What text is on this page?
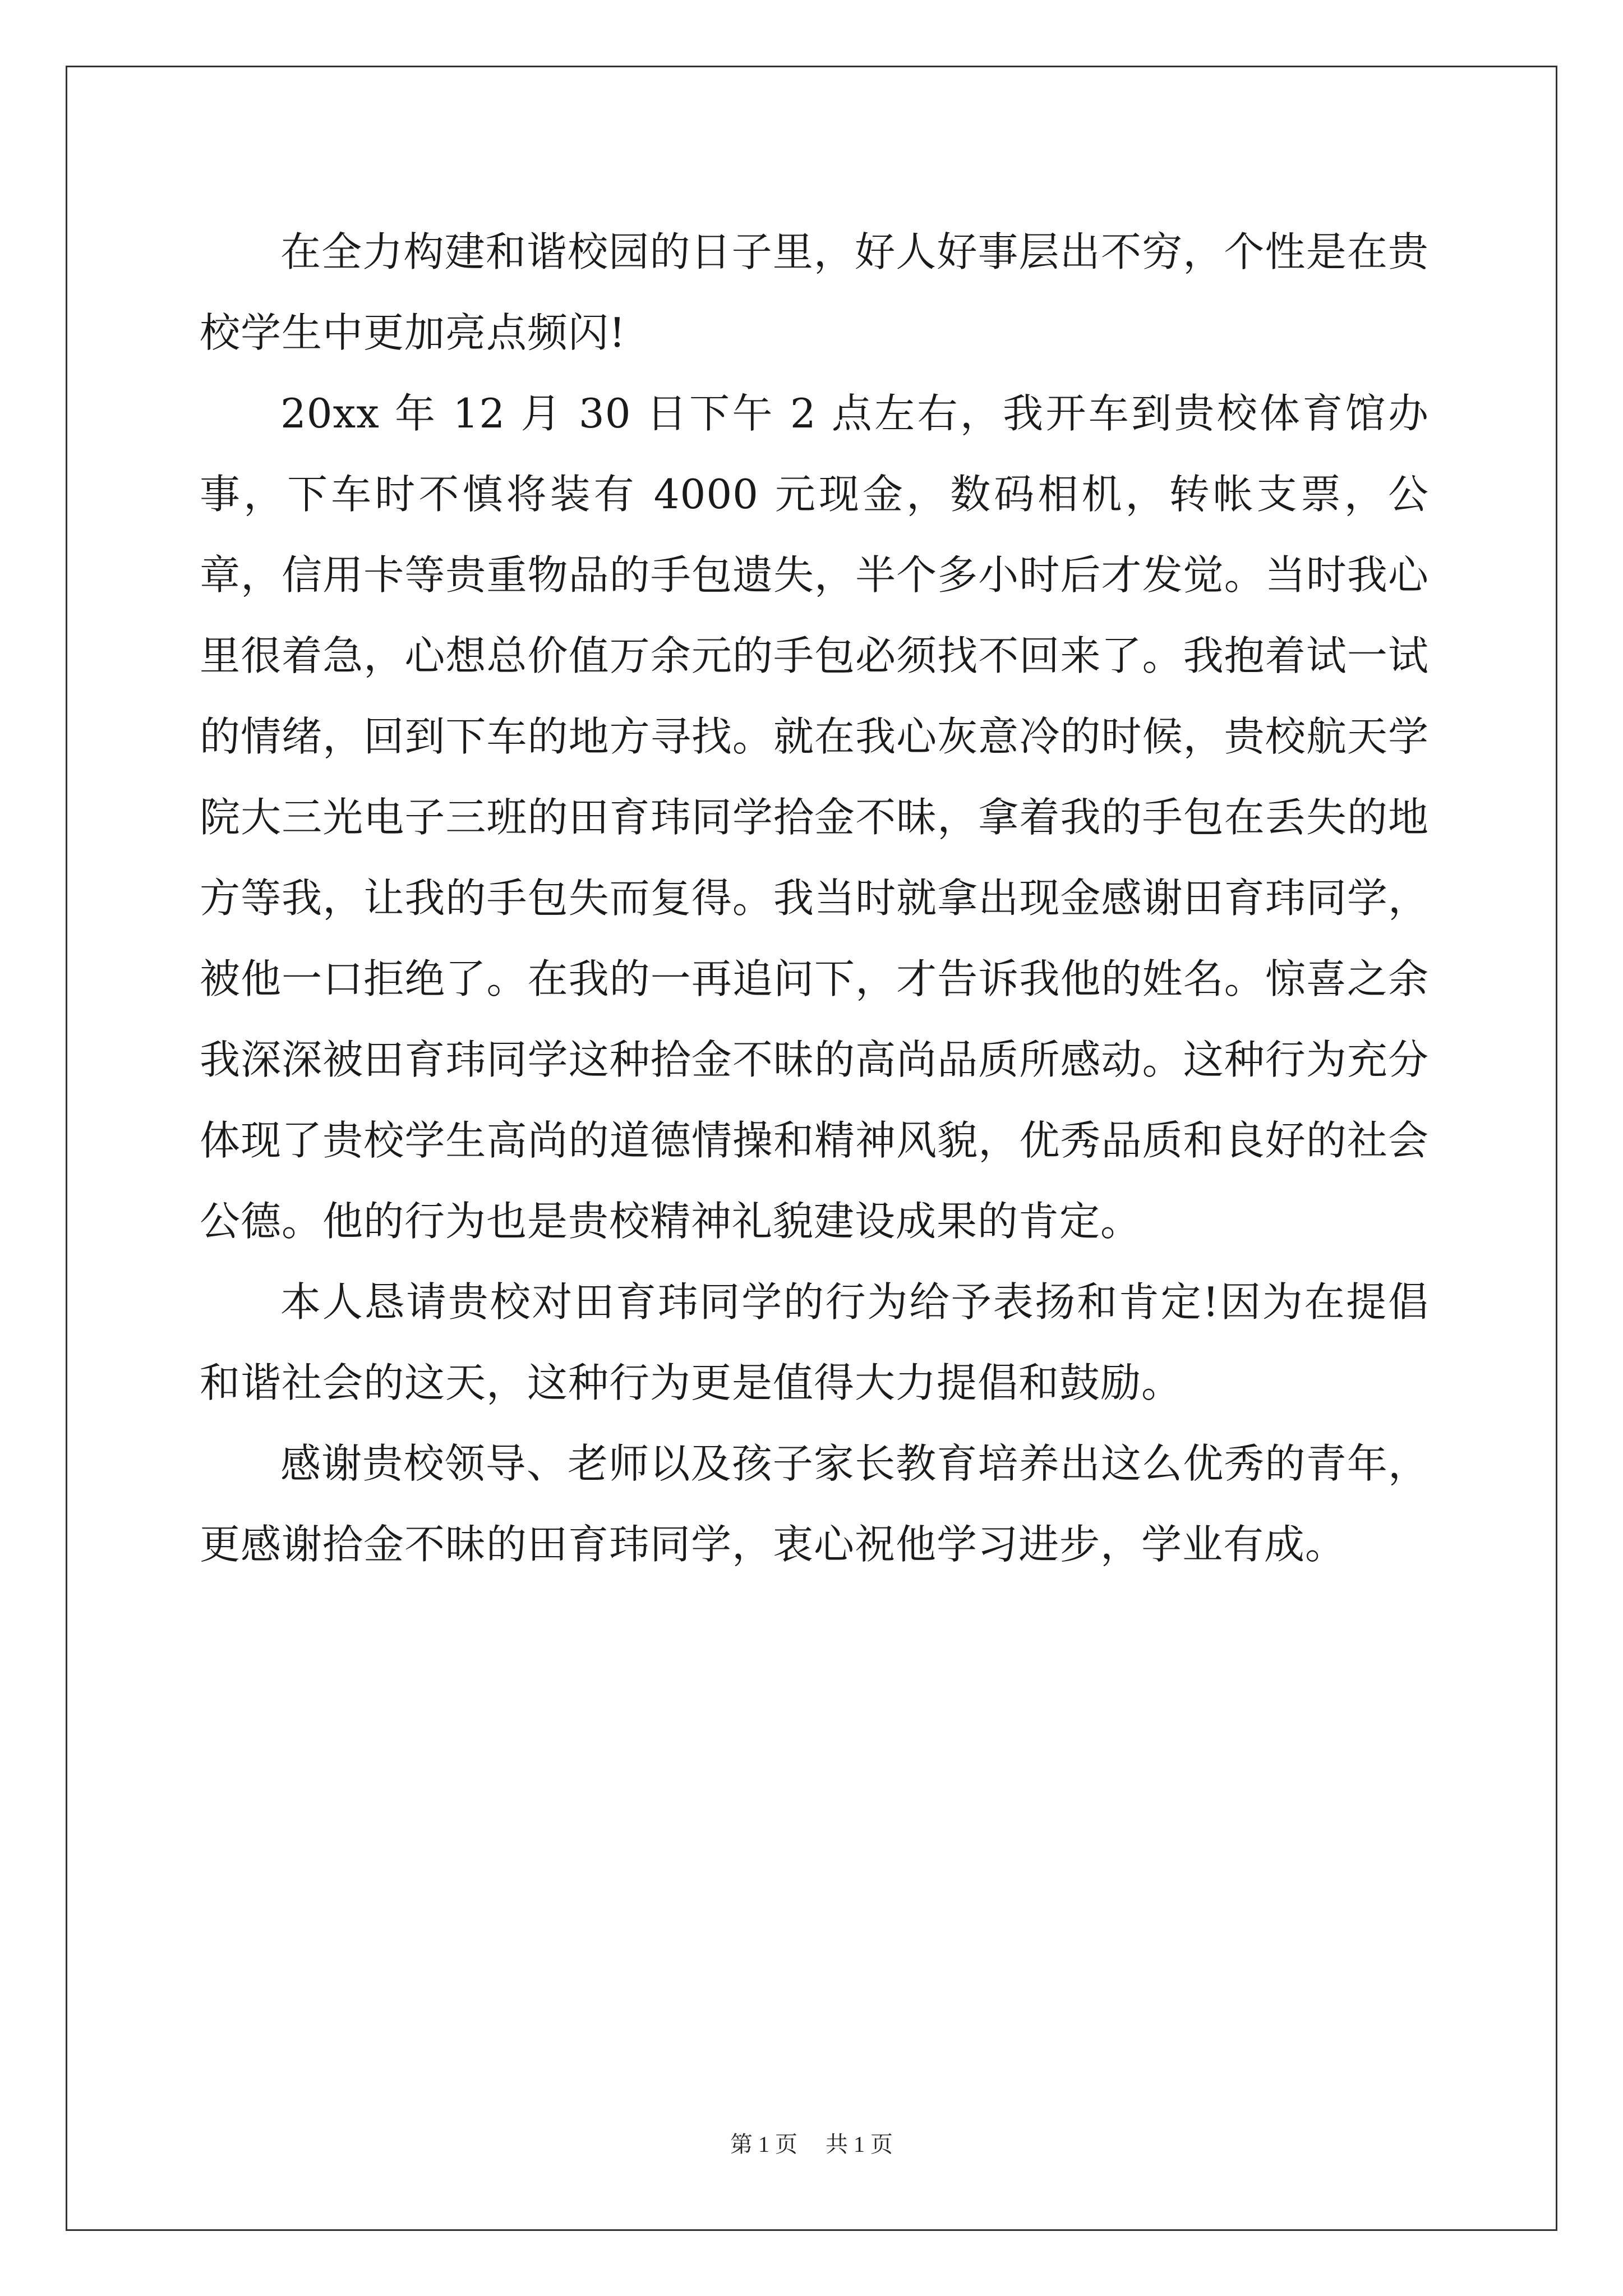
在全力构建和谐校园的日子里，好人好事层出不穷，个性是在贵校学生中更加亮点频闪!

20xx 年 12 月 30 日下午 2 点左右，我开车到贵校体育馆办事，下车时不慎将装有 4000 元现金，数码相机，转帐支票，公章，信用卡等贵重物品的手包遗失，半个多小时后才发觉。当时我心里很着急，心想总价值万余元的手包必须找不回来了。我抱着试一试的情绪，回到下车的地方寻找。就在我心灰意冷的时候，贵校航天学院大三光电子三班的田育玮同学拾金不昧，拿着我的手包在丢失的地方等我，让我的手包失而复得。我当时就拿出现金感谢田育玮同学，被他一口拒绝了。在我的一再追问下，才告诉我他的姓名。惊喜之余我深深被田育玮同学这种拾金不昧的高尚品质所感动。这种行为充分体现了贵校学生高尚的道德情操和精神风貌，优秀品质和良好的社会公德。他的行为也是贵校精神礼貌建设成果的肯定。

本人恳请贵校对田育玮同学的行为给予表扬和肯定!因为在提倡和谐社会的这天，这种行为更是值得大力提倡和鼓励。

感谢贵校领导、老师以及孩子家长教育培养出这么优秀的青年，更感谢拾金不昧的田育玮同学，衷心祝他学习进步，学业有成。

第 1 页 共 1 页
